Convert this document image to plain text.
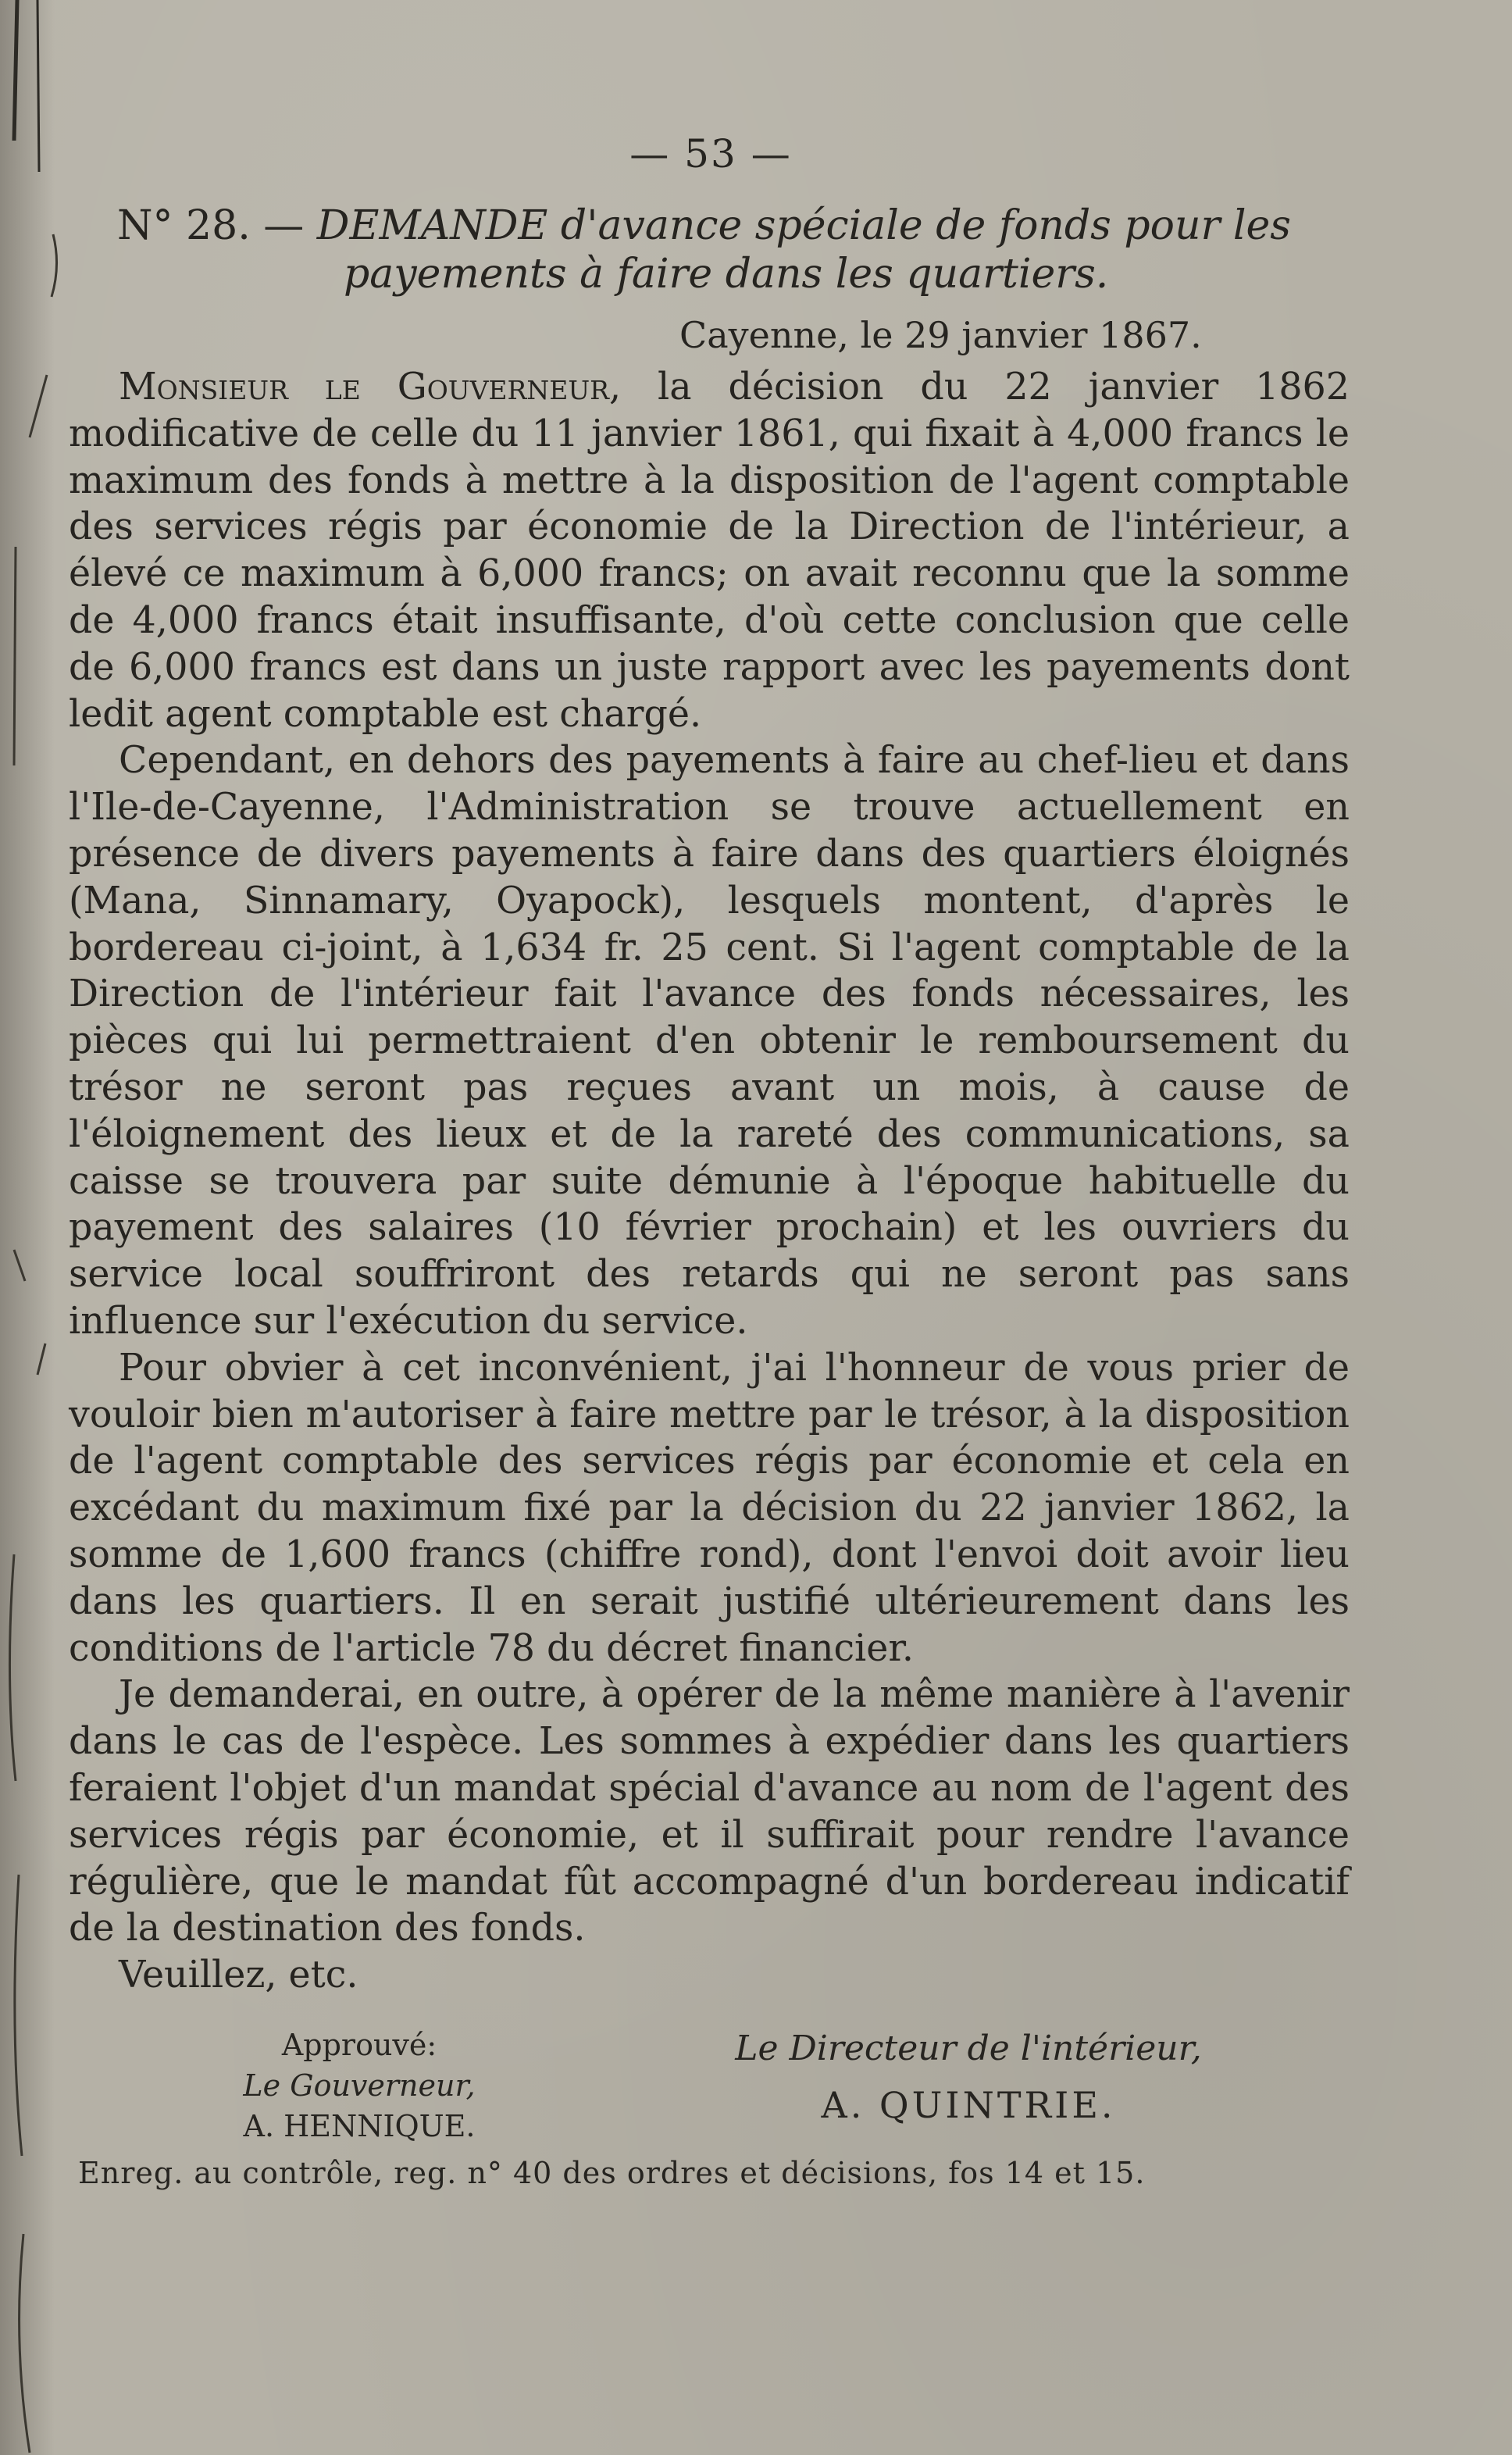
— 53 —
N° 28. — DEMANDE d'avance spéciale de fonds pour les
payements à faire dans les quartiers.
Cayenne, le 29 janvier 1867.

Monsieur le Gouverneur, la décision du 22 janvier 1862 modificative de celle du 11 janvier 1861, qui fixait à 4,000 francs le maximum des fonds à mettre à la disposition de l'agent comptable des services régis par économie de la Direction de l'intérieur, a élevé ce maximum à 6,000 francs; on avait reconnu que la somme de 4,000 francs était insuffisante, d'où cette conclusion que celle de 6,000 francs est dans un juste rapport avec les payements dont ledit agent comptable est chargé.

Cependant, en dehors des payements à faire au chef-lieu et dans l'Ile-de-Cayenne, l'Administration se trouve actuellement en présence de divers payements à faire dans des quartiers éloignés (Mana, Sinnamary, Oyapock), lesquels montent, d'après le bordereau ci-joint, à 1,634 fr. 25 cent. Si l'agent comptable de la Direction de l'intérieur fait l'avance des fonds nécessaires, les pièces qui lui permettraient d'en obtenir le remboursement du trésor ne seront pas reçues avant un mois, à cause de l'éloignement des lieux et de la rareté des communications, sa caisse se trouvera par suite démunie à l'époque habituelle du payement des salaires (10 février prochain) et les ouvriers du service local souffriront des retards qui ne seront pas sans influence sur l'exécution du service.

Pour obvier à cet inconvénient, j'ai l'honneur de vous prier de vouloir bien m'autoriser à faire mettre par le trésor, à la disposition de l'agent comptable des services régis par économie et cela en excédant du maximum fixé par la décision du 22 janvier 1862, la somme de 1,600 francs (chiffre rond), dont l'envoi doit avoir lieu dans les quartiers. Il en serait justifié ultérieurement dans les conditions de l'article 78 du décret financier.

Je demanderai, en outre, à opérer de la même manière à l'avenir dans le cas de l'espèce. Les sommes à expédier dans les quartiers feraient l'objet d'un mandat spécial d'avance au nom de l'agent des services régis par économie, et il suffirait pour rendre l'avance régulière, que le mandat fût accompagné d'un bordereau indicatif de la destination des fonds.

Veuillez, etc.

Approuvé:
Le Gouverneur,
A. HENNIQUE.
Le Directeur de l'intérieur,
A. QUINTRIE.
Enreg. au contrôle, reg. n° 40 des ordres et décisions, fos 14 et 15.
